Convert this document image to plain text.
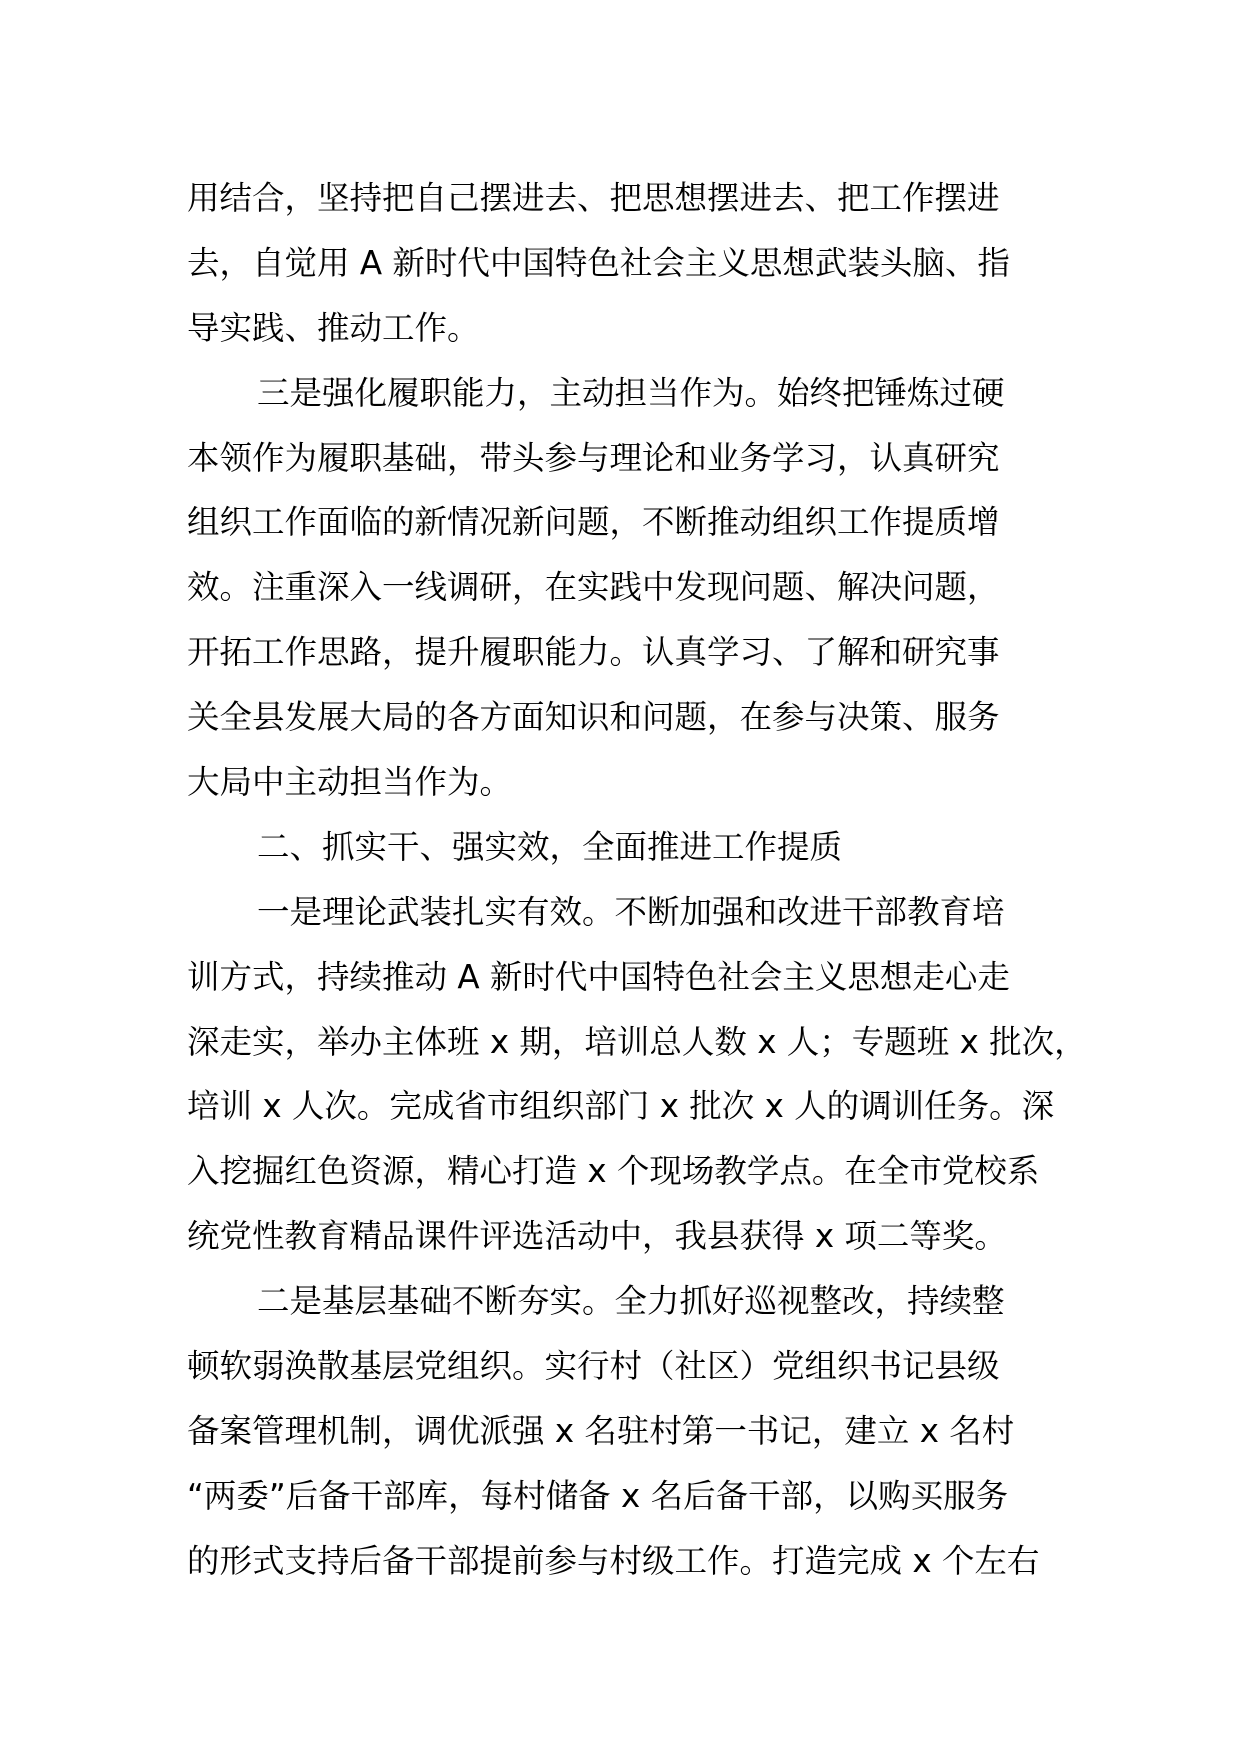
用结合，坚持把自己摆进去、把思想摆进去、把工作摆进
去，自觉用 A 新时代中国特色社会主义思想武装头脑、指
导实践、推动工作。
三是强化履职能力，主动担当作为。始终把锤炼过硬
本领作为履职基础，带头参与理论和业务学习，认真研究
组织工作面临的新情况新问题，不断推动组织工作提质增
效。注重深入一线调研，在实践中发现问题、解决问题，
开拓工作思路，提升履职能力。认真学习、了解和研究事
关全县发展大局的各方面知识和问题，在参与决策、服务
大局中主动担当作为。
二、抓实干、强实效，全面推进工作提质
一是理论武装扎实有效。不断加强和改进干部教育培
训方式，持续推动 A 新时代中国特色社会主义思想走心走
深走实，举办主体班 x 期，培训总人数 x 人；专题班 x 批次，
培训 x 人次。完成省市组织部门 x 批次 x 人的调训任务。深
入挖掘红色资源，精心打造 x 个现场教学点。在全市党校系
统党性教育精品课件评选活动中，我县获得 x 项二等奖。
二是基层基础不断夯实。全力抓好巡视整改，持续整
顿软弱涣散基层党组织。实行村（社区）党组织书记县级
备案管理机制，调优派强 x 名驻村第一书记，建立 x 名村
“两委”后备干部库，每村储备 x 名后备干部，以购买服务
的形式支持后备干部提前参与村级工作。打造完成 x 个左右
